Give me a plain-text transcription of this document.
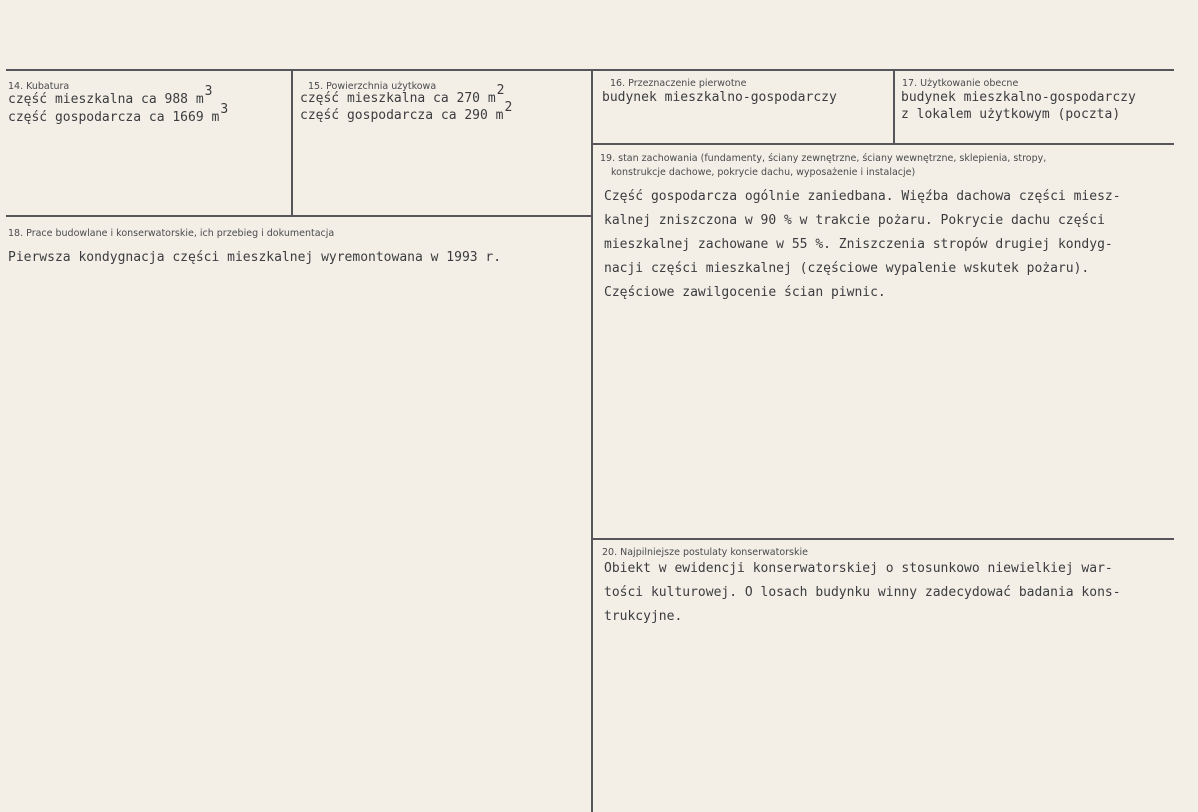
14. Kubatura
część mieszkalna ca 988 m3
część gospodarcza ca 1669 m3
15. Powierzchnia użytkowa
część mieszkalna ca 270 m2
część gospodarcza ca 290 m2
16. Przeznaczenie pierwotne
budynek mieszkalno-gospodarczy
17. Użytkowanie obecne
budynek mieszkalno-gospodarczy
z lokalem użytkowym (poczta)
18. Prace budowlane i konserwatorskie, ich przebieg i dokumentacja
Pierwsza kondygnacja części mieszkalnej wyremontowana w 1993 r.
19. stan zachowania (fundamenty, ściany zewnętrzne, ściany wewnętrzne, sklepienia, stropy,
konstrukcje dachowe, pokrycie dachu, wyposażenie i instalacje)
Część gospodarcza ogólnie zaniedbana. Więźba dachowa części miesz-
kalnej zniszczona w 90 % w trakcie pożaru. Pokrycie dachu części
mieszkalnej zachowane w 55 %. Zniszczenia stropów drugiej kondyg-
nacji części mieszkalnej (częściowe wypalenie wskutek pożaru).
Częściowe zawilgocenie ścian piwnic.
20. Najpilniejsze postulaty konserwatorskie
Obiekt w ewidencji konserwatorskiej o stosunkowo niewielkiej war-
tości kulturowej. O losach budynku winny zadecydować badania kons-
trukcyjne.
